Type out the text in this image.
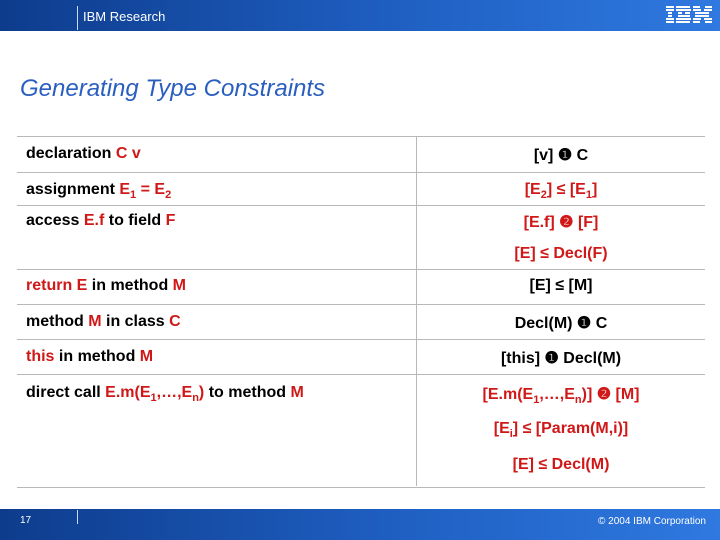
IBM Research
Generating Type Constraints
declaration C v
assignment $E_1 = E_2$
access E.f to field F
return E in method M
method M in class C
this in method M
direct call $E.m(E_1,\dots,E_n)$ to method M
[v] ❶ C
$[E_2] \le [E_1]$
[E.f] ❷ [F]
[E] ≤ Decl(F)
[E] ≤ [M]
Decl(M) ❶ C
[this] ❶ Decl(M)
$[E.m(E_1,\dots,E_n)]$ ❷ [M]
$[E_i]$ ≤ [Param(M,i)]
[E] ≤ Decl(M)
17	© 2004 IBM Corporation
